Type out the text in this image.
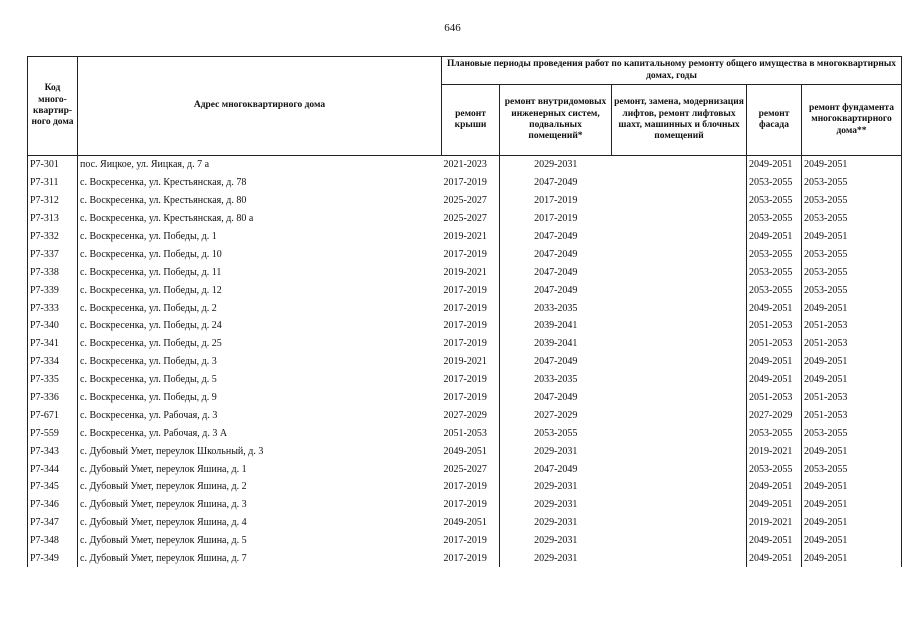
646
Код много-квартир-ного дома	Адрес многоквартирного дома	Плановые периоды проведения работ по капитальному ремонту общего имущества в многоквартирных домах, годы				
		ремонт крыши	ремонт внутридомовых инженерных систем, подвальных помещений*	ремонт, замена, модернизация лифтов, ремонт лифтовых шахт, машинных и блочных помещений	ремонт фасада	ремонт фундамента многоквартирного дома**
Р7-301	пос. Яицкое, ул. Яицкая, д. 7 а	2021-2023	2029-2031		2049-2051	2049-2051
Р7-311	с. Воскресенка, ул. Крестьянская, д. 78	2017-2019	2047-2049		2053-2055	2053-2055
Р7-312	с. Воскресенка, ул. Крестьянская, д. 80	2025-2027	2017-2019		2053-2055	2053-2055
Р7-313	с. Воскресенка, ул. Крестьянская, д. 80 а	2025-2027	2017-2019		2053-2055	2053-2055
Р7-332	с. Воскресенка, ул. Победы, д. 1	2019-2021	2047-2049		2049-2051	2049-2051
Р7-337	с. Воскресенка, ул. Победы, д. 10	2017-2019	2047-2049		2053-2055	2053-2055
Р7-338	с. Воскресенка, ул. Победы, д. 11	2019-2021	2047-2049		2053-2055	2053-2055
Р7-339	с. Воскресенка, ул. Победы, д. 12	2017-2019	2047-2049		2053-2055	2053-2055
Р7-333	с. Воскресенка, ул. Победы, д. 2	2017-2019	2033-2035		2049-2051	2049-2051
Р7-340	с. Воскресенка, ул. Победы, д. 24	2017-2019	2039-2041		2051-2053	2051-2053
Р7-341	с. Воскресенка, ул. Победы, д. 25	2017-2019	2039-2041		2051-2053	2051-2053
Р7-334	с. Воскресенка, ул. Победы, д. 3	2019-2021	2047-2049		2049-2051	2049-2051
Р7-335	с. Воскресенка, ул. Победы, д. 5	2017-2019	2033-2035		2049-2051	2049-2051
Р7-336	с. Воскресенка, ул. Победы, д. 9	2017-2019	2047-2049		2051-2053	2051-2053
Р7-671	с. Воскресенка, ул. Рабочая, д. 3	2027-2029	2027-2029		2027-2029	2051-2053
Р7-559	с. Воскресенка, ул. Рабочая, д. 3 А	2051-2053	2053-2055		2053-2055	2053-2055
Р7-343	с. Дубовый Умет, переулок Школьный, д. 3	2049-2051	2029-2031		2019-2021	2049-2051
Р7-344	с. Дубовый Умет, переулок Яшина, д. 1	2025-2027	2047-2049		2053-2055	2053-2055
Р7-345	с. Дубовый Умет, переулок Яшина, д. 2	2017-2019	2029-2031		2049-2051	2049-2051
Р7-346	с. Дубовый Умет, переулок Яшина, д. 3	2017-2019	2029-2031		2049-2051	2049-2051
Р7-347	с. Дубовый Умет, переулок Яшина, д. 4	2049-2051	2029-2031		2019-2021	2049-2051
Р7-348	с. Дубовый Умет, переулок Яшина, д. 5	2017-2019	2029-2031		2049-2051	2049-2051
Р7-349	с. Дубовый Умет, переулок Яшина, д. 7	2017-2019	2029-2031		2049-2051	2049-2051
